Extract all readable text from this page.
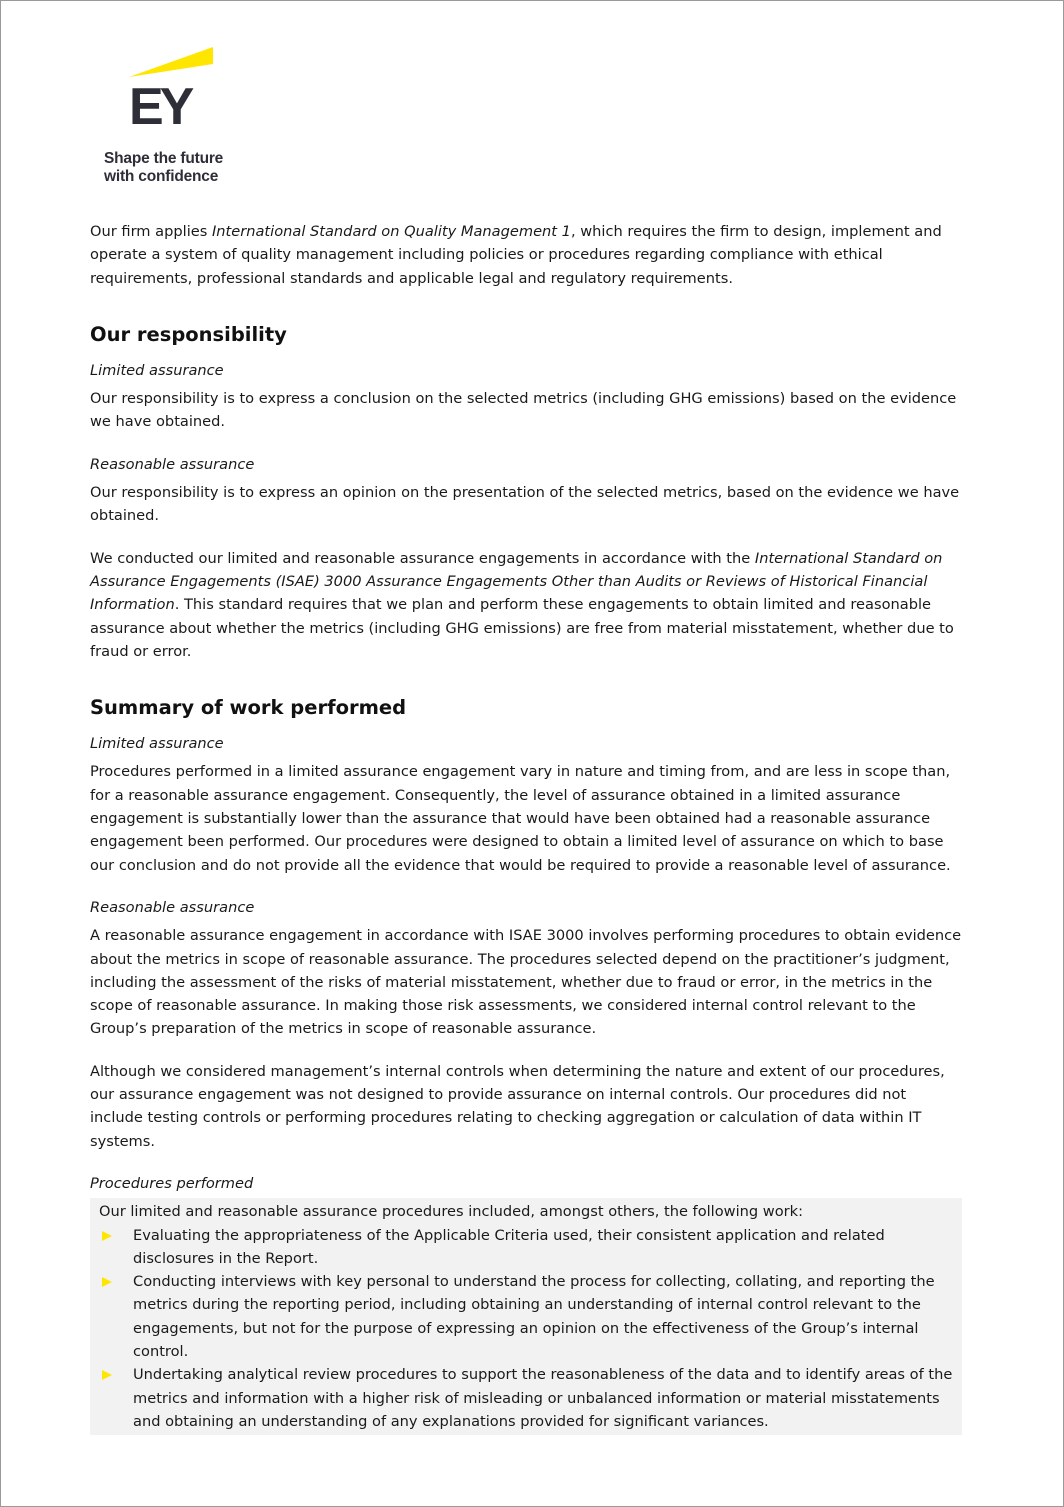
EY
Shape the future
with confidence

Our firm applies International Standard on Quality Management 1, which requires the firm to design, implement and operate a system of quality management including policies or procedures regarding compliance with ethical requirements, professional standards and applicable legal and regulatory requirements.

Our responsibility

Limited assurance

Our responsibility is to express a conclusion on the selected metrics (including GHG emissions) based on the evidence we have obtained.

Reasonable assurance

Our responsibility is to express an opinion on the presentation of the selected metrics, based on the evidence we have obtained.

We conducted our limited and reasonable assurance engagements in accordance with the International Standard on Assurance Engagements (ISAE) 3000 Assurance Engagements Other than Audits or Reviews of Historical Financial Information. This standard requires that we plan and perform these engagements to obtain limited and reasonable assurance about whether the metrics (including GHG emissions) are free from material misstatement, whether due to fraud or error.

Summary of work performed

Limited assurance

Procedures performed in a limited assurance engagement vary in nature and timing from, and are less in scope than, for a reasonable assurance engagement. Consequently, the level of assurance obtained in a limited assurance engagement is substantially lower than the assurance that would have been obtained had a reasonable assurance engagement been performed. Our procedures were designed to obtain a limited level of assurance on which to base our conclusion and do not provide all the evidence that would be required to provide a reasonable level of assurance.

Reasonable assurance

A reasonable assurance engagement in accordance with ISAE 3000 involves performing procedures to obtain evidence about the metrics in scope of reasonable assurance. The procedures selected depend on the practitioner’s judgment, including the assessment of the risks of material misstatement, whether due to fraud or error, in the metrics in the scope of reasonable assurance. In making those risk assessments, we considered internal control relevant to the Group’s preparation of the metrics in scope of reasonable assurance.

Although we considered management’s internal controls when determining the nature and extent of our procedures, our assurance engagement was not designed to provide assurance on internal controls. Our procedures did not include testing controls or performing procedures relating to checking aggregation or calculation of data within IT systems.

Procedures performed

Our limited and reasonable assurance procedures included, amongst others, the following work:

Evaluating the appropriateness of the Applicable Criteria used, their consistent application and related disclosures in the Report.
Conducting interviews with key personal to understand the process for collecting, collating, and reporting the metrics during the reporting period, including obtaining an understanding of internal control relevant to the engagements, but not for the purpose of expressing an opinion on the effectiveness of the Group’s internal control.
Undertaking analytical review procedures to support the reasonableness of the data and to identify areas of the metrics and information with a higher risk of misleading or unbalanced information or material misstatements and obtaining an understanding of any explanations provided for significant variances.
